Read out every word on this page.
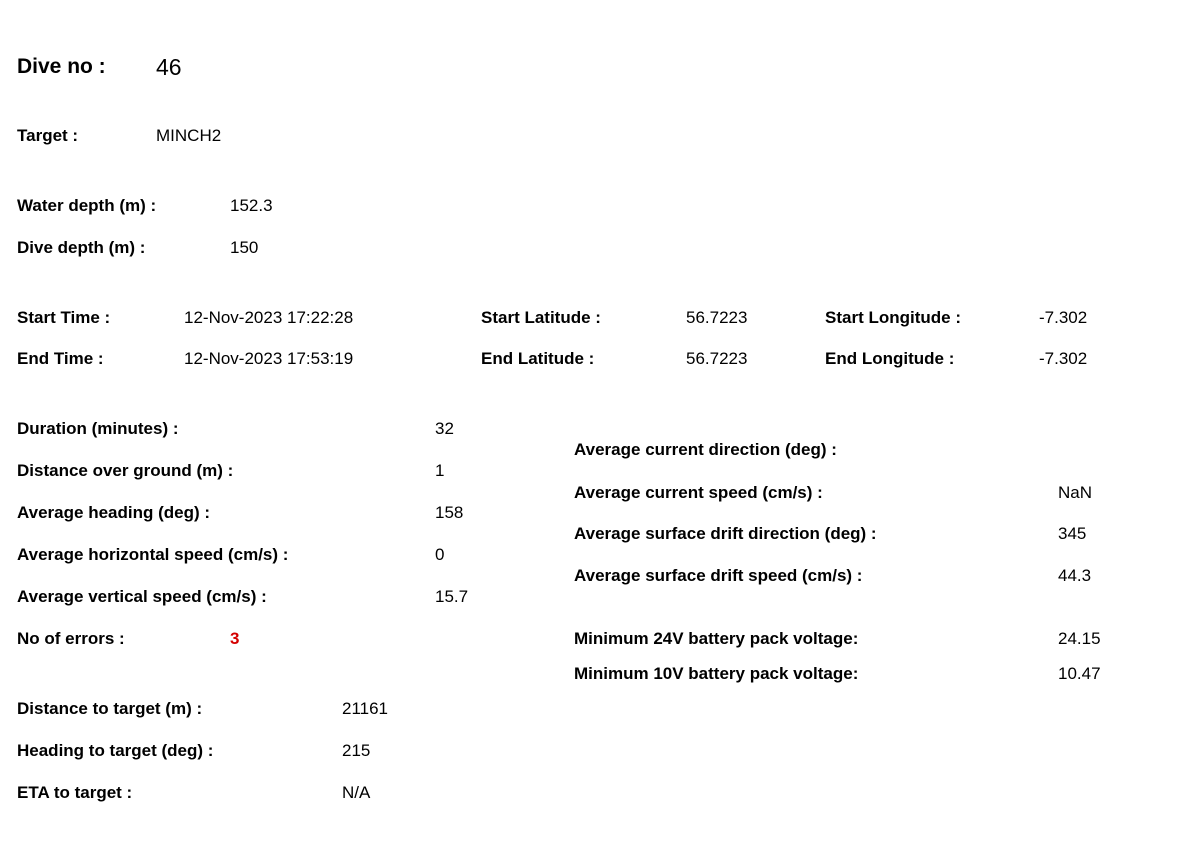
Dive no : 46
Target :	MINCH2
Water depth (m) :	152.3
Dive depth (m) :	150
Start Time :	12-Nov-2023 17:22:28
End Time :	12-Nov-2023 17:53:19
Start Latitude :	56.7223
End Latitude :	56.7223
Start Longitude :	-7.302
End Longitude :	-7.302
Duration (minutes) :	32
Distance over ground (m) :	1
Average heading (deg) :	158
Average horizontal speed (cm/s) :	0
Average vertical speed (cm/s) :	15.7
No of errors :	3
Average current direction (deg) :
Average current speed (cm/s) :	NaN
Average surface drift direction (deg) :	345
Average surface drift speed (cm/s) :	44.3
Minimum 24V battery pack voltage:	24.15
Minimum 10V battery pack voltage:	10.47
Distance to target (m) :	21161
Heading to target (deg) :	215
ETA to target :	N/A
